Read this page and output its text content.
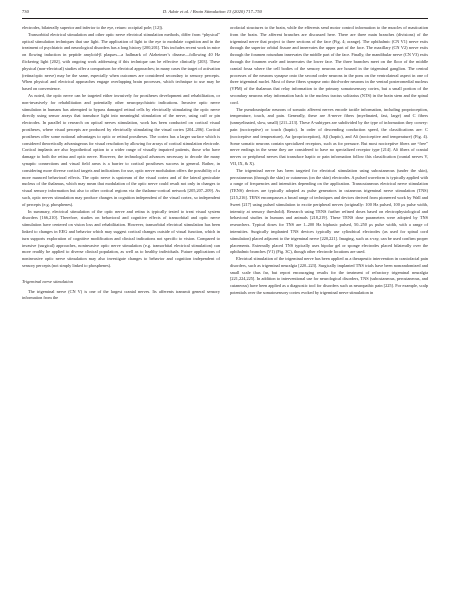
730	D. Adair et al. / Brain Stimulation 13 (2020) 717–750

electrodes, bilaterally superior and inferior to the eye, return: occipital pole; [12]).

Transorbital electrical stimulation and other optic nerve electrical stimulation methods, differ from “physical” optical stimulation techniques that use light. The application of light to the eye to modulate cognition and in the treatment of psychiatric and neurological disorders has a long history [200,201]. This includes recent work in mice on flowing induction in peptide amyloid-β plaques—a hallmark of Alzheimer’s disease—following 40 Hz flickering light [202], with ongoing work addressing if this technique can be effective clinically [203]. These physical (non-electrical) studies offer a comparison for electrical approaches; in many cases the target of activation (retina/optic nerve) may be the same, especially when outcomes are considered secondary to sensory percepts. When physical and electrical approaches engage overlapping brain processes, which technique to use may be based on convenience.

As noted, the optic nerve can be targeted either invasively for prostheses development and rehabilitation, or non-invasively for rehabilitation and potentially other neuropsychiatric indications. Invasive optic nerve stimulation in humans has attempted to bypass damaged retinal cells by electrically stimulating the optic nerve directly using sensor arrays that transduce light into meaningful stimulation of the nerve, using cuff or pin electrodes. In parallel to research on optical nerves stimulation, work has been conducted on cortical visual prostheses, where visual percepts are produced by electrically stimulating the visual cortex [204–206]. Cortical prostheses offer some notional advantages to optic or retinal prostheses. The cortex has a larger surface which is considered theoretically advantageous for visual resolution by allowing for arrays of cortical stimulation electrode. Cortical implants are also hypothetical option to a wider range of visually impaired patients, those who have damage to both the retina and optic nerve. However, the technological advances necessary to decode the many synaptic connections and visual field areas is a barrier to cortical prostheses success in general. Rather, in considering more diverse cortical targets and indications for use, optic nerve modulation offers the possibility of a more nuanced behavioral effects. The optic nerve is upstream of the visual cortex and of the lateral geniculate nucleus of the thalamus, which may mean that modulation of the optic nerve could result not only in changes to visual sensory information but also to other cortical regions via the thalamo-cortical network [205,207–209]. As such, optic nerves stimulation may produce changes in cognition independent of the visual cortex, so independent of percepts (e.g. phosphenes).

In summary, electrical stimulation of the optic nerve and retina is typically tested to treat visual system disorders [166,210]. Therefore, studies on behavioral and cognitive effects of transorbital and optic nerve stimulation have centered on vision loss and rehabilitation. However, transorbital electrical stimulation has been linked to changes in EEG and behavior which may suggest cortical changes outside of visual function, which in turn supports exploration of cognitive modification and clinical indications not specific to vision. Compared to invasive (surgical) approaches, noninvasive optic nerve stimulation (e.g. transorbital electrical stimulation) can more readily be applied to diverse clinical population, as well as to healthy individuals. Future applications of noninvasive optic nerve stimulation may also investigate changes to behavior and cognition independent of sensory percepts (not simply linked to phosphenes).

Trigeminal nerve stimulation

The trigeminal nerve (CN V) is one of the largest cranial nerves. Its afferents transmit general sensory information from the

orofacial structures to the brain, while the efferents send motor control information to the muscles of mastication from the brain. The afferent branches are discussed here. There are three main branches (divisions) of the trigeminal nerve that project to three sections of the face (Fig. 4; orange). The ophthalmic (CN V1) nerve exits through the superior orbital fissure and innervates the upper part of the face. The maxillary (CN V2) nerve exits through the foramen rotundum innervates the middle part of the face. Finally, the mandibular nerve (CN V3) exits through the foramen ovale and innervates the lower face. The three branches meet on the floor of the middle cranial fossa where the cell bodies of the sensory neurons are housed in the trigeminal ganglion. The central processes of the neurons synapse onto the second order neurons in the pons on the ventrolateral aspect in one of three trigeminal nuclei. Most of these fibers synapse onto third-order neurons in the ventral posteromedial nucleus (VPM) of the thalamus that relay information to the primary somatosensory cortex, but a small portion of the secondary neurons relay information back to the nucleus tractus solitarius (NTS) in the brain stem and the spinal cord.

The pseudounipolar neurons of somatic afferent nerves encode tactile information, including proprioception, temperature, touch, and pain. Generally, these are A-nerve fibers (myelinated, fast, large) and C fibers (unmyelinated, slow, small) [211–213]. These A-subtypes are subdivided by the type of information they convey: pain (nociceptive) or touch (haptic). In order of descending conduction speed, the classifications are: C (nociceptive and temperature), Aα (proprioception), Aβ (haptic), and Aδ (nociceptive and temperature) (Fig. 4). Some somatic neurons contain specialized receptors, such as for pressure. But most nociceptive fibers are “free” nerve endings in the sense they are considered to have no specialized receptor type [214]. Aδ fibers of cranial nerves or peripheral nerves that transduce haptic or pain information follow this classification (cranial nerves V, VII, IX, & X).

The trigeminal nerve has been targeted for electrical stimulation using subcutaneous (under the skin), percutaneous (through the skin) or cutaneous (on the skin) electrodes. A pulsed waveform is typically applied with a range of frequencies and intensities depending on the application. Transcutaneous electrical nerve stimulation (TENS) devices are typically adopted as pulse generators in cutaneous trigeminal nerve stimulation (TNS) [215,216]. TENS encompasses a broad range of techniques and devices derived from pioneered work by Wall and Sweet [217] using pulsed stimulation to excite peripheral nerves (originally: 100 Hz pulsed, 100 μs pulse width, intensity at sensory threshold). Research using TENS further refined doses based on electrophysiological and behavioral studies in humans and animals [218,219]. These TENS dose parameters were adopted by TNS researchers. Typical doses for TNS are 1–200 Hz biphasic pulsed, 50–250 μs pulse width, with a range of intensities. Surgically implanted TNS devices typically use cylindrical electrodes (as used for spinal cord stimulation) placed adjacent to the trigeminal nerve [220,221]. Imaging, such as x-ray, can be used confirm proper placements. Externally placed TNS typically uses bipolar gel or sponge electrodes placed bilaterally over the ophthalmic branches (V1) (Fig. 3C), though other electrode locations are used.

Electrical stimulation of the trigeminal nerve has been applied as a therapeutic intervention in craniofacial pain disorders, such as trigeminal neuralgia [220–223]. Surgically implanted TNS trials have been nonrandomized and small scale thus far, but report encouraging results for the treatment of refractory trigeminal neuralgia [221,224,225]. In addition to interventional use for neurological disorders, TNS (subcutaneous, percutaneous, and cutaneous) have been applied as a diagnostic tool for disorders such as neuropathic pain [225]. For example, scalp potentials over the somatosensory cortex evoked by trigeminal nerve stimulation in
